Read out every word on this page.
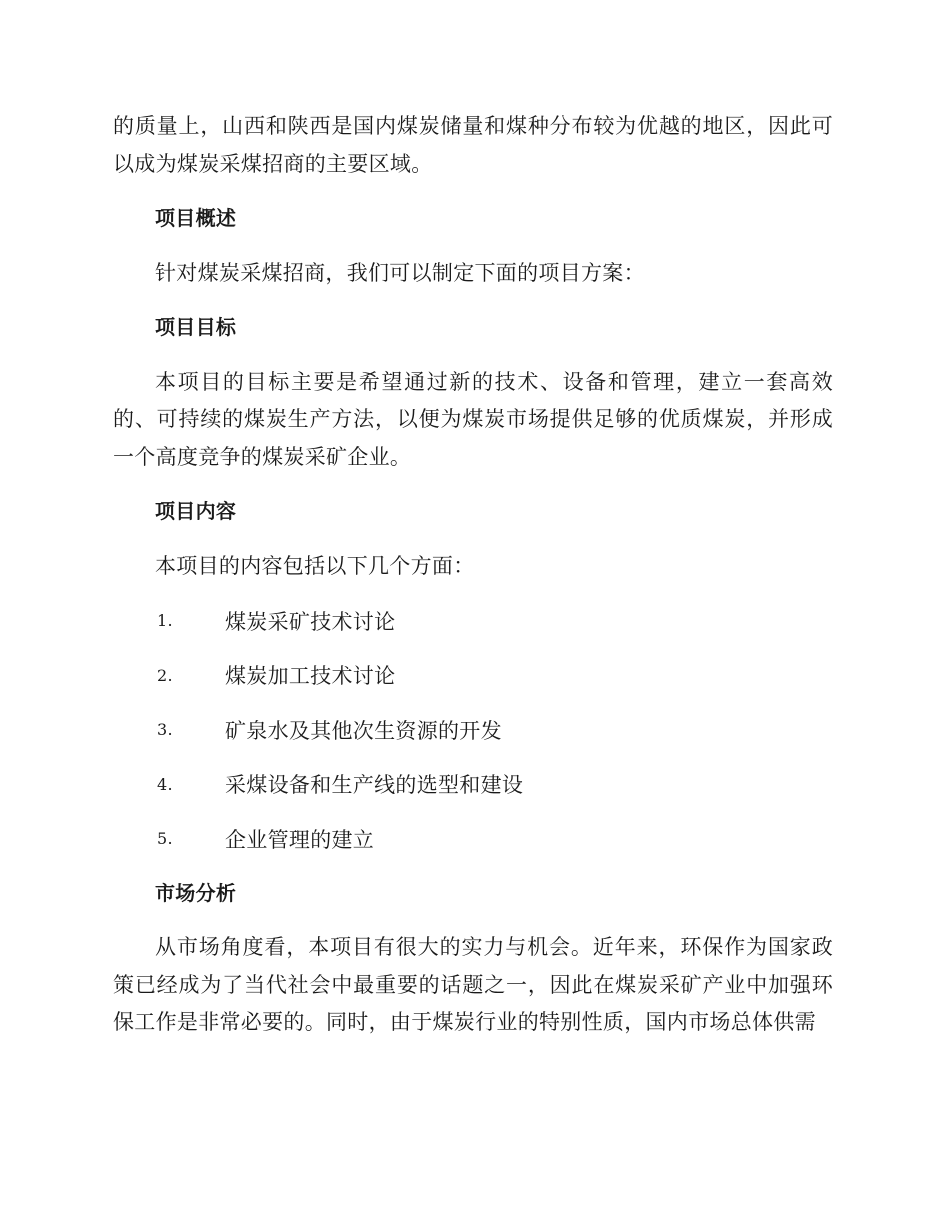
的质量上，山西和陕西是国内煤炭储量和煤种分布较为优越的地区，因此可以成为煤炭采煤招商的主要区域。

项目概述

针对煤炭采煤招商，我们可以制定下面的项目方案：

项目目标

本项目的目标主要是希望通过新的技术、设备和管理，建立一套高效的、可持续的煤炭生产方法，以便为煤炭市场提供足够的优质煤炭，并形成一个高度竞争的煤炭采矿企业。

项目内容

本项目的内容包括以下几个方面：

1.	煤炭采矿技术讨论
2.	煤炭加工技术讨论
3.	矿泉水及其他次生资源的开发
4.	采煤设备和生产线的选型和建设
5.	企业管理的建立
市场分析

从市场角度看，本项目有很大的实力与机会。近年来，环保作为国家政策已经成为了当代社会中最重要的话题之一，因此在煤炭采矿产业中加强环保工作是非常必要的。同时，由于煤炭行业的特别性质，国内市场总体供需
